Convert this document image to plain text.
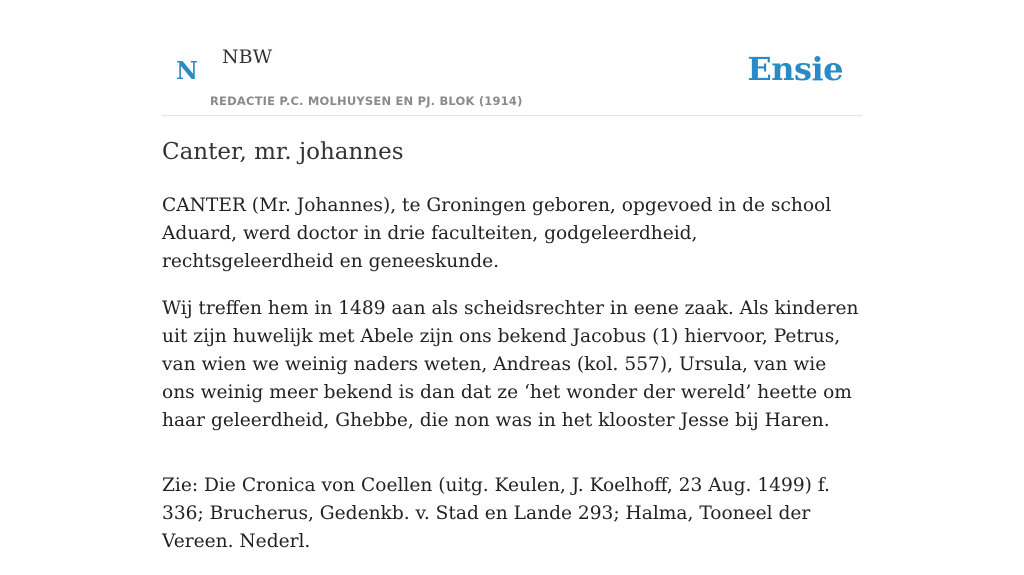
N NBW
REDACTIE P.C. MOLHUYSEN EN PJ. BLOK (1914)
Ensie
Canter, mr. johannes

CANTER (Mr. Johannes), te Groningen geboren, opgevoed in de school Aduard, werd doctor in drie faculteiten, godgeleerdheid, rechtsgeleerdheid en geneeskunde.

Wij treffen hem in 1489 aan als scheidsrechter in eene zaak. Als kinderen uit zijn huwelijk met Abele zijn ons bekend Jacobus (1) hiervoor, Petrus, van wien we weinig naders weten, Andreas (kol. 557), Ursula, van wie ons weinig meer bekend is dan dat ze ‘het wonder der wereld’ heette om haar geleerdheid, Ghebbe, die non was in het klooster Jesse bij Haren.

Zie: Die Cronica von Coellen (uitg. Keulen, J. Koelhoff, 23 Aug. 1499) f. 336; Brucherus, Gedenkb. v. Stad en Lande 293; Halma, Tooneel der Vereen. Nederl.
